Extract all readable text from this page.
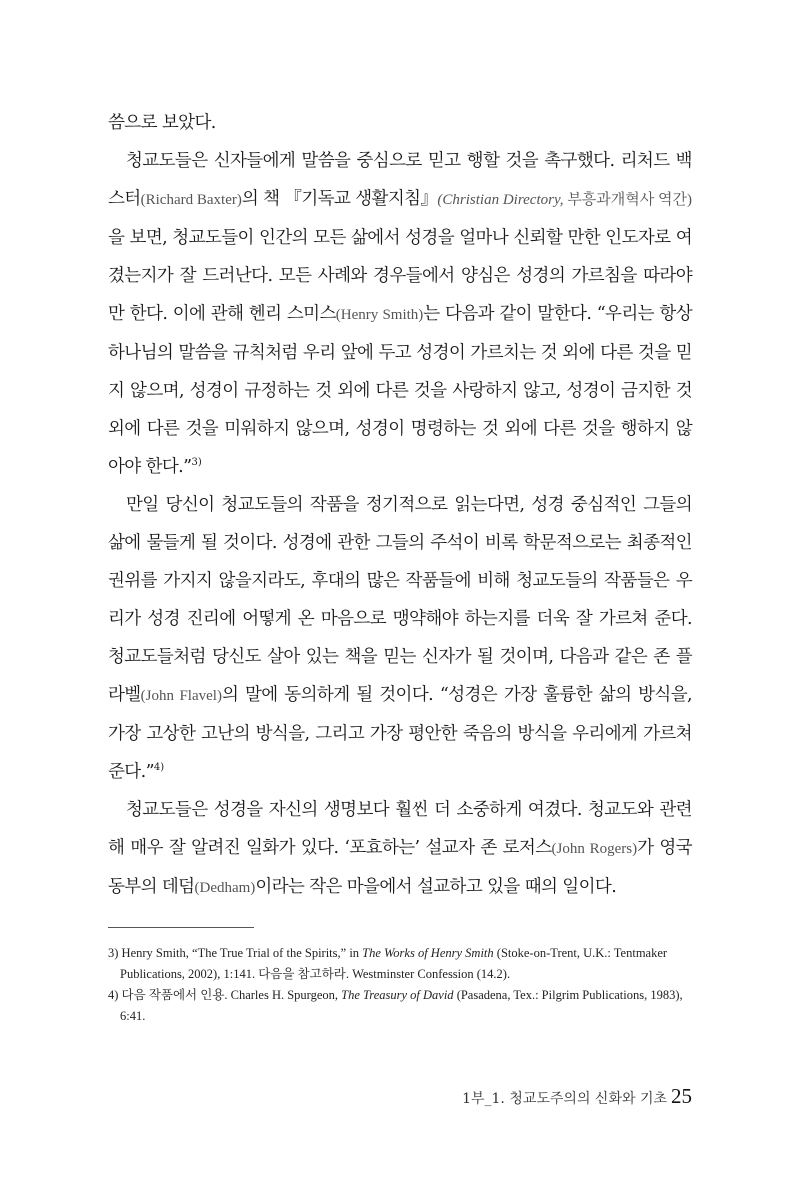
씀으로 보았다.

청교도들은 신자들에게 말씀을 중심으로 믿고 행할 것을 촉구했다. 리처드 백스터(Richard Baxter)의 책 『기독교 생활지침』(Christian Directory, 부흥과개혁사 역간)을 보면, 청교도들이 인간의 모든 삶에서 성경을 얼마나 신뢰할 만한 인도자로 여겼는지가 잘 드러난다. 모든 사례와 경우들에서 양심은 성경의 가르침을 따라야만 한다. 이에 관해 헨리 스미스(Henry Smith)는 다음과 같이 말한다. “우리는 항상 하나님의 말씀을 규칙처럼 우리 앞에 두고 성경이 가르치는 것 외에 다른 것을 믿지 않으며, 성경이 규정하는 것 외에 다른 것을 사랑하지 않고, 성경이 금지한 것 외에 다른 것을 미워하지 않으며, 성경이 명령하는 것 외에 다른 것을 행하지 않아야 한다.”$^{3)}$

만일 당신이 청교도들의 작품을 정기적으로 읽는다면, 성경 중심적인 그들의 삶에 물들게 될 것이다. 성경에 관한 그들의 주석이 비록 학문적으로는 최종적인 권위를 가지지 않을지라도, 후대의 많은 작품들에 비해 청교도들의 작품들은 우리가 성경 진리에 어떻게 온 마음으로 맹약해야 하는지를 더욱 잘 가르쳐 준다. 청교도들처럼 당신도 살아 있는 책을 믿는 신자가 될 것이며, 다음과 같은 존 플라벨(John Flavel)의 말에 동의하게 될 것이다. “성경은 가장 훌륭한 삶의 방식을, 가장 고상한 고난의 방식을, 그리고 가장 평안한 죽음의 방식을 우리에게 가르쳐 준다.”$^{4)}$

청교도들은 성경을 자신의 생명보다 훨씬 더 소중하게 여겼다. 청교도와 관련해 매우 잘 알려진 일화가 있다. ‘포효하는’ 설교자 존 로저스(John Rogers)가 영국 동부의 데덤(Dedham)이라는 작은 마을에서 설교하고 있을 때의 일이다.

3) Henry Smith, “The True Trial of the Spirits,” in The Works of Henry Smith (Stoke-on-Trent, U.K.: Tentmaker Publications, 2002), 1:141. 다음을 참고하라. Westminster Confession (14.2).

4) 다음 작품에서 인용. Charles H. Spurgeon, The Treasury of David (Pasadena, Tex.: Pilgrim Publications, 1983), 6:41.

1부_1. 청교도주의의 신화와 기초 25
